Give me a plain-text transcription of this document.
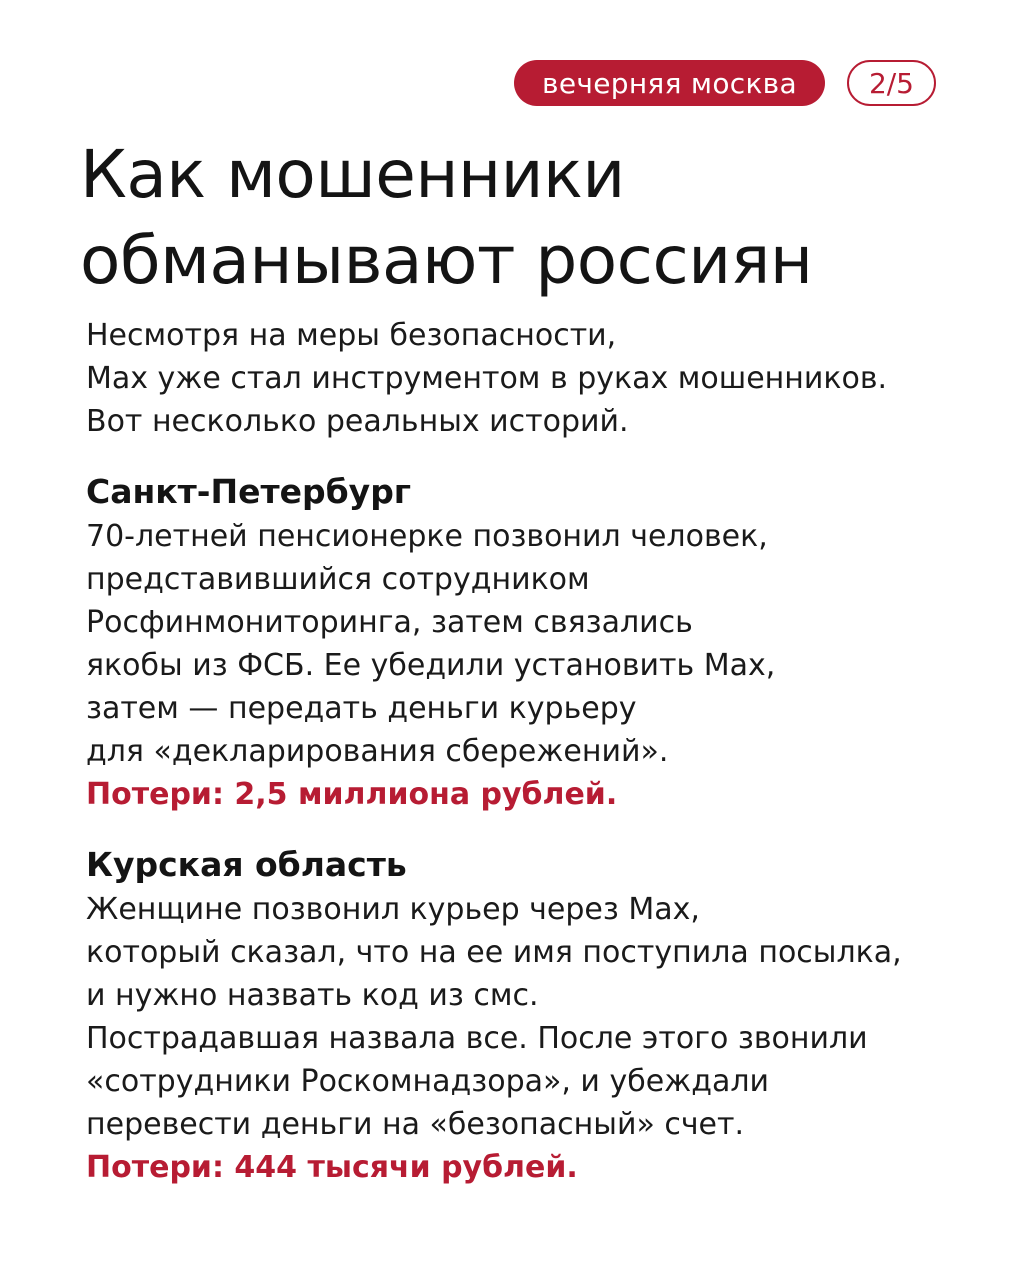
вечерняя москва	2/5
Как мошенники
обманывают россиян

Несмотря на меры безопасности,
Max уже стал инструментом в руках мошенников.
Вот несколько реальных историй.

Санкт-Петербург
70-летней пенсионерке позвонил человек,
представившийся сотрудником
Росфинмониторинга, затем связались
якобы из ФСБ. Ее убедили установить Max,
затем — передать деньги курьеру
для «декларирования сбережений».
Потери: 2,5 миллиона рублей.
Курская область
Женщине позвонил курьер через Max,
который сказал, что на ее имя поступила посылка,
и нужно назвать код из смс.
Пострадавшая назвала все. После этого звонили
«сотрудники Роскомнадзора», и убеждали
перевести деньги на «безопасный» счет.
Потери: 444 тысячи рублей.
